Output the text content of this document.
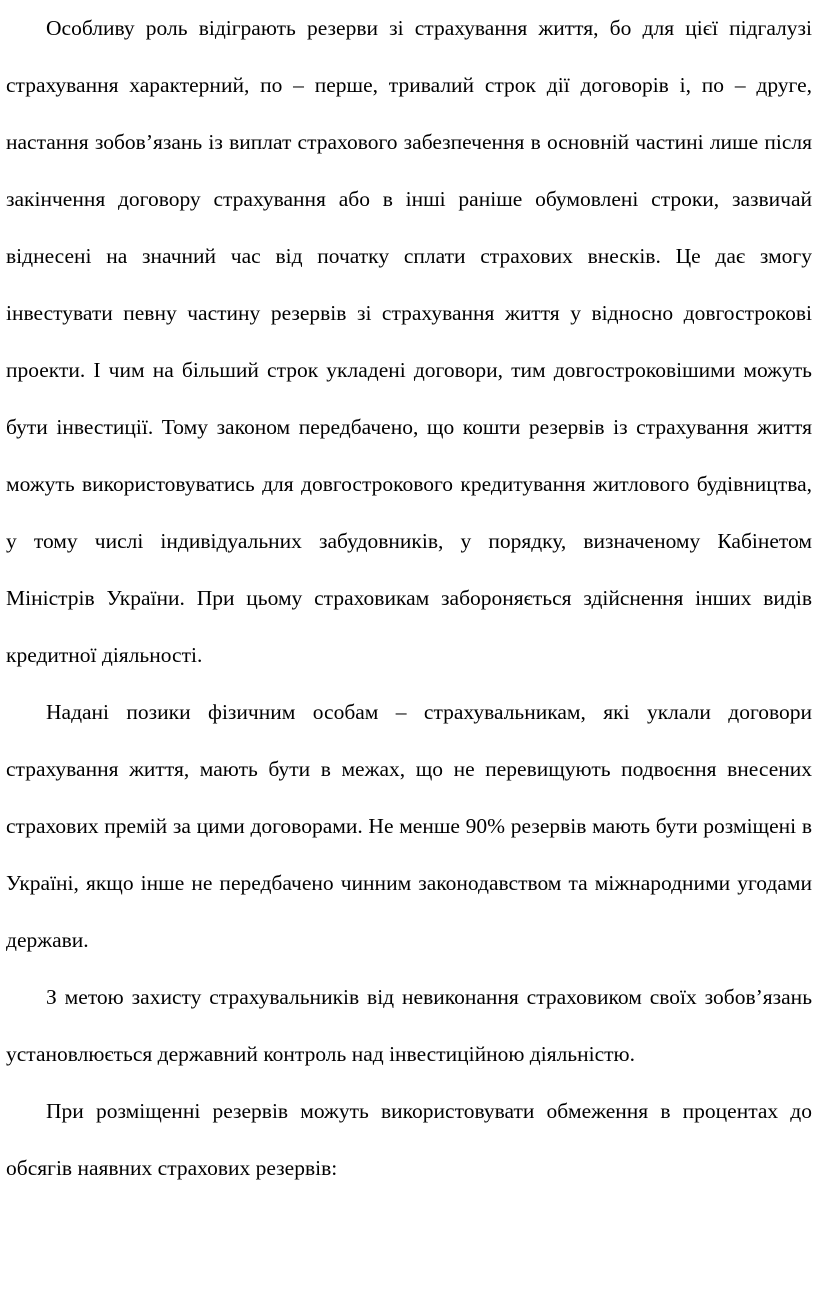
Особливу роль відіграють резерви зі страхування життя, бо для цієї підгалузі страхування характерний, по – перше, тривалий строк дії договорів і, по – друге, настання зобов’язань із виплат страхового забезпечення в основній частині лише після закінчення договору страхування або в інші раніше обумовлені строки, зазвичай віднесені на значний час від початку сплати страхових внесків. Це дає змогу інвестувати певну частину резервів зі страхування життя у відносно довгострокові проекти. І чим на більший строк укладені договори, тим довгостроковішими можуть бути інвестиції. Тому законом передбачено, що кошти резервів із страхування життя можуть використовуватись для довгострокового кредитування житлового будівництва, у тому числі індивідуальних забудовників, у порядку, визначеному Кабінетом Міністрів України. При цьому страховикам забороняється здійснення інших видів кредитної діяльності.

Надані позики фізичним особам – страхувальникам, які уклали договори страхування життя, мають бути в межах, що не перевищують подвоєння внесених страхових премій за цими договорами. Не менше 90% резервів мають бути розміщені в Україні, якщо інше не передбачено чинним законодавством та міжнародними угодами держави.

З метою захисту страхувальників від невиконання страховиком своїх зобов’язань установлюється державний контроль над інвестиційною діяльністю.

При розміщенні резервів можуть використовувати обмеження в процентах до обсягів наявних страхових резервів:
